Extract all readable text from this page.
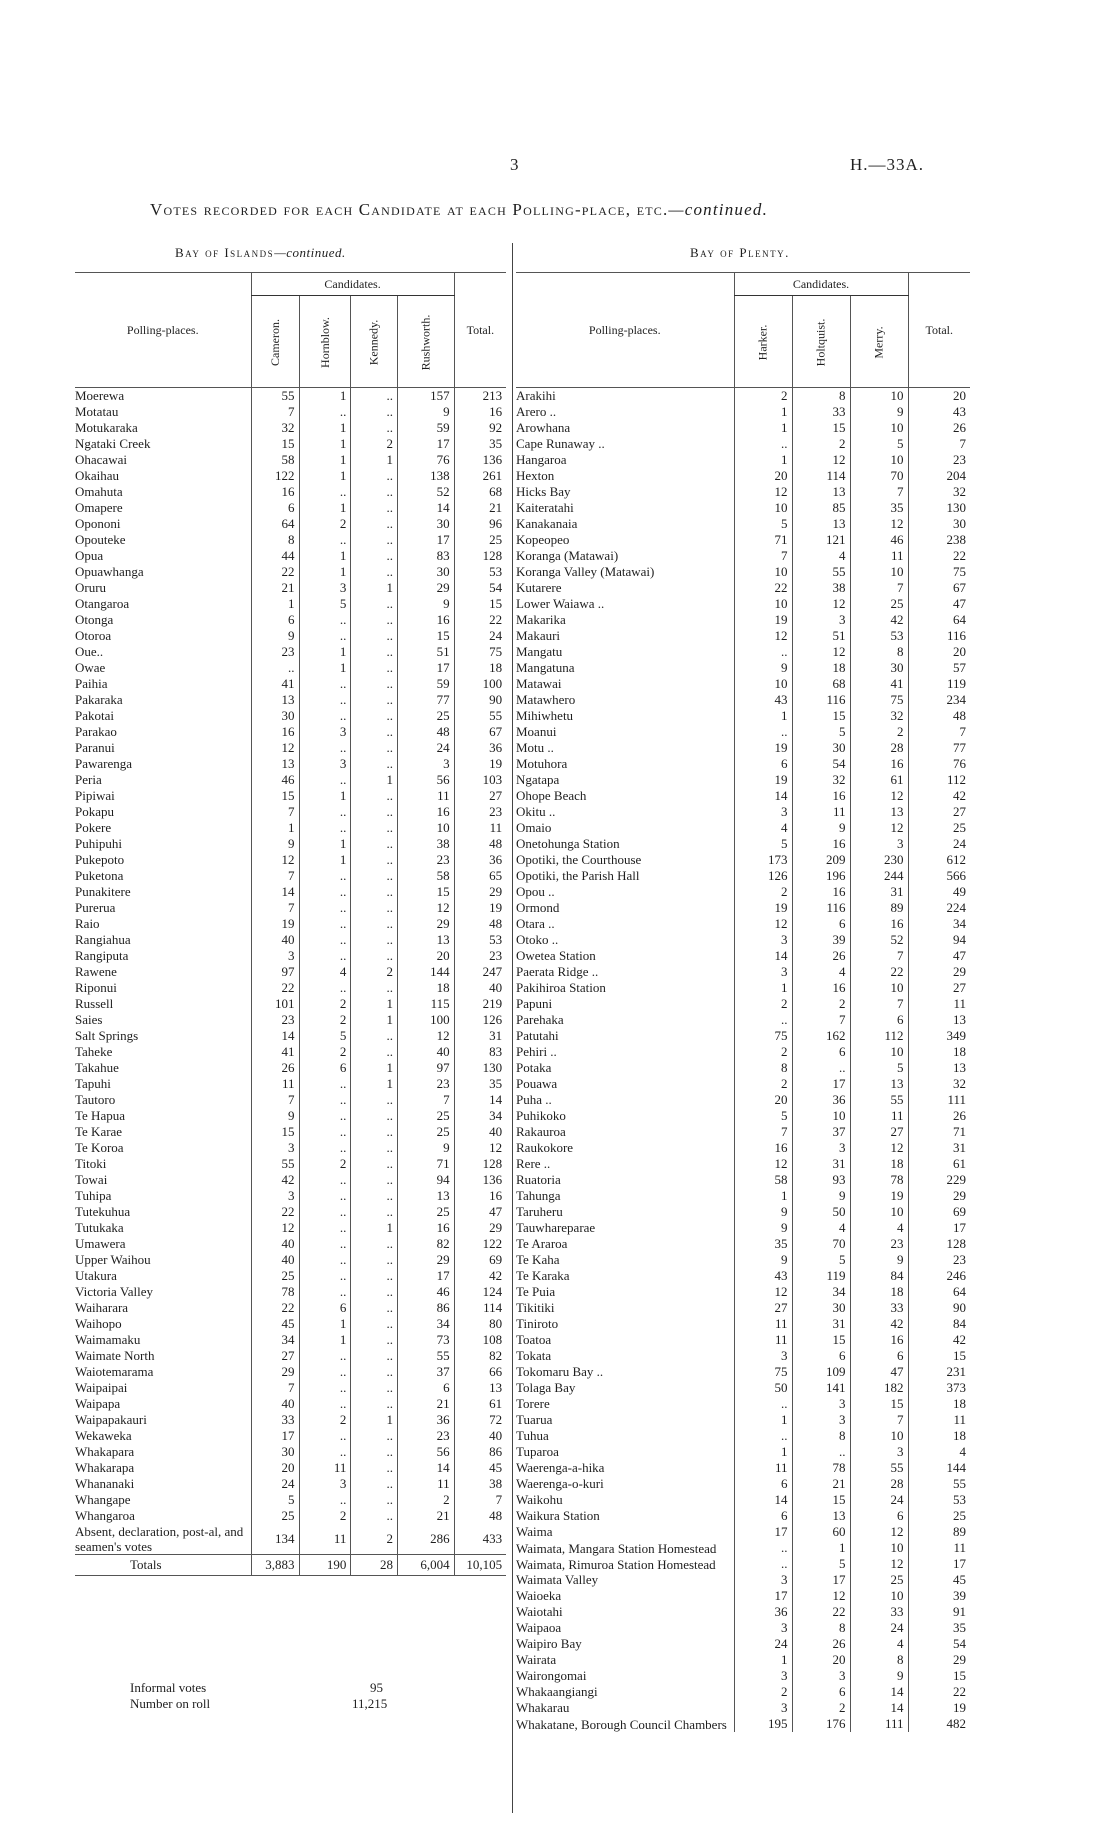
3	H.—33A.
Votes recorded for each Candidate at each Polling-place, etc.—continued.
Bay of Islands—continued.	Bay of Plenty.
Polling-places.	Candidates.				Total.
	Cameron.	Hornblow.	Kennedy.	Rushworth.	
Moerewa	55	1	..	157	213
Motatau	7	..	..	9	16
Motukaraka	32	1	..	59	92
Ngataki Creek	15	1	2	17	35
Ohacawai	58	1	1	76	136
Okaihau	122	1	..	138	261
Omahuta	16	..	..	52	68
Omapere	6	1	..	14	21
Opononi	64	2	..	30	96
Opouteke	8	..	..	17	25
Opua	44	1	..	83	128
Opuawhanga	22	1	..	30	53
Oruru	21	3	1	29	54
Otangaroa	1	5	..	9	15
Otonga	6	..	..	16	22
Otoroa	9	..	..	15	24
Oue..	23	1	..	51	75
Owae	..	1	..	17	18
Paihia	41	..	..	59	100
Pakaraka	13	..	..	77	90
Pakotai	30	..	..	25	55
Parakao	16	3	..	48	67
Paranui	12	..	..	24	36
Pawarenga	13	3	..	3	19
Peria	46	..	1	56	103
Pipiwai	15	1	..	11	27
Pokapu	7	..	..	16	23
Pokere	1	..	..	10	11
Puhipuhi	9	1	..	38	48
Pukepoto	12	1	..	23	36
Puketona	7	..	..	58	65
Punakitere	14	..	..	15	29
Purerua	7	..	..	12	19
Raio	19	..	..	29	48
Rangiahua	40	..	..	13	53
Rangiputa	3	..	..	20	23
Rawene	97	4	2	144	247
Riponui	22	..	..	18	40
Russell	101	2	1	115	219
Saies	23	2	1	100	126
Salt Springs	14	5	..	12	31
Taheke	41	2	..	40	83
Takahue	26	6	1	97	130
Tapuhi	11	..	1	23	35
Tautoro	7	..	..	7	14
Te Hapua	9	..	..	25	34
Te Karae	15	..	..	25	40
Te Koroa	3	..	..	9	12
Titoki	55	2	..	71	128
Towai	42	..	..	94	136
Tuhipa	3	..	..	13	16
Tutekuhua	22	..	..	25	47
Tutukaka	12	..	1	16	29
Umawera	40	..	..	82	122
Upper Waihou	40	..	..	29	69
Utakura	25	..	..	17	42
Victoria Valley	78	..	..	46	124
Waiharara	22	6	..	86	114
Waihopo	45	1	..	34	80
Waimamaku	34	1	..	73	108
Waimate North	27	..	..	55	82
Waiotemarama	29	..	..	37	66
Waipaipai	7	..	..	6	13
Waipapa	40	..	..	21	61
Waipapakauri	33	2	1	36	72
Wekaweka	17	..	..	23	40
Whakapara	30	..	..	56	86
Whakarapa	20	11	..	14	45
Whananaki	24	3	..	11	38
Whangape	5	..	..	2	7
Whangaroa	25	2	..	21	48
Absent, declaration, post-al, and seamen's votes	134	11	2	286	433
Totals	3,883	190	28	6,004	10,105
Informal votes	95
Number on roll	11,215
Polling-places.	Candidates.			Total.
	Harker.	Holtquist.	Merry.	
Arakihi	2	8	10	20
Arero ..	1	33	9	43
Arowhana	1	15	10	26
Cape Runaway ..	..	2	5	7
Hangaroa	1	12	10	23
Hexton	20	114	70	204
Hicks Bay	12	13	7	32
Kaiteratahi	10	85	35	130
Kanakanaia	5	13	12	30
Kopeopeo	71	121	46	238
Koranga (Matawai)	7	4	11	22
Koranga Valley (Matawai)	10	55	10	75
Kutarere	22	38	7	67
Lower Waiawa ..	10	12	25	47
Makarika	19	3	42	64
Makauri	12	51	53	116
Mangatu	..	12	8	20
Mangatuna	9	18	30	57
Matawai	10	68	41	119
Matawhero	43	116	75	234
Mihiwhetu	1	15	32	48
Moanui	..	5	2	7
Motu ..	19	30	28	77
Motuhora	6	54	16	76
Ngatapa	19	32	61	112
Ohope Beach	14	16	12	42
Okitu ..	3	11	13	27
Omaio	4	9	12	25
Onetohunga Station	5	16	3	24
Opotiki, the Courthouse	173	209	230	612
Opotiki, the Parish Hall	126	196	244	566
Opou ..	2	16	31	49
Ormond	19	116	89	224
Otara ..	12	6	16	34
Otoko ..	3	39	52	94
Owetea Station	14	26	7	47
Paerata Ridge ..	3	4	22	29
Pakihiroa Station	1	16	10	27
Papuni	2	2	7	11
Parehaka	..	7	6	13
Patutahi	75	162	112	349
Pehiri ..	2	6	10	18
Potaka	8	..	5	13
Pouawa	2	17	13	32
Puha ..	20	36	55	111
Puhikoko	5	10	11	26
Rakauroa	7	37	27	71
Raukokore	16	3	12	31
Rere ..	12	31	18	61
Ruatoria	58	93	78	229
Tahunga	1	9	19	29
Taruheru	9	50	10	69
Tauwhareparae	9	4	4	17
Te Araroa	35	70	23	128
Te Kaha	9	5	9	23
Te Karaka	43	119	84	246
Te Puia	12	34	18	64
Tikitiki	27	30	33	90
Tiniroto	11	31	42	84
Toatoa	11	15	16	42
Tokata	3	6	6	15
Tokomaru Bay ..	75	109	47	231
Tolaga Bay	50	141	182	373
Torere	..	3	15	18
Tuarua	1	3	7	11
Tuhua	..	8	10	18
Tuparoa	1	..	3	4
Waerenga-a-hika	11	78	55	144
Waerenga-o-kuri	6	21	28	55
Waikohu	14	15	24	53
Waikura Station	6	13	6	25
Waima	17	60	12	89
Waimata, Mangara Station Homestead	..	1	10	11
Waimata, Rimuroa Station Homestead	..	5	12	17
Waimata Valley	3	17	25	45
Waioeka	17	12	10	39
Waiotahi	36	22	33	91
Waipaoa	3	8	24	35
Waipiro Bay	24	26	4	54
Wairata	1	20	8	29
Wairongomai	3	3	9	15
Whakaangiangi	2	6	14	22
Whakarau	3	2	14	19
Whakatane, Borough Council Chambers	195	176	111	482
